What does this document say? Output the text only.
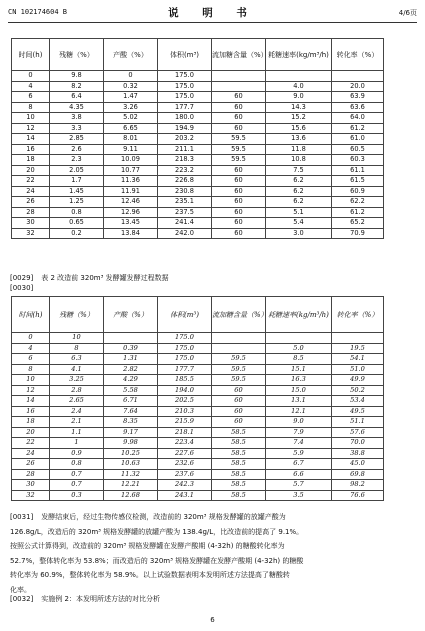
CN 102174604 B	说 明 书	4/6页
时间(h)	残糖（%）	产酸（%）	体积(m³)	流加糖含量（%）	耗糖速率(kg/m³/h)	转化率（%）
0	9.8	0	175.0			
4	8.2	0.32	175.0		4.0	20.0
6	6.4	1.47	175.0	60	9.0	63.9
8	4.35	3.26	177.7	60	14.3	63.6
10	3.8	5.02	180.0	60	15.2	64.0
12	3.3	6.65	194.9	60	15.6	61.2
14	2.85	8.01	203.2	59.5	13.6	61.0
16	2.6	9.11	211.1	59.5	11.8	60.5
18	2.3	10.09	218.3	59.5	10.8	60.3
20	2.05	10.77	223.2	60	7.5	61.1
22	1.7	11.36	226.8	60	6.2	61.5
24	1.45	11.91	230.8	60	6.2	60.9
26	1.25	12.46	235.1	60	6.2	62.2
28	0.8	12.96	237.5	60	5.1	61.2
30	0.65	13.45	241.4	60	5.4	65.2
32	0.2	13.84	242.0	60	3.0	70.9
[0029] 表 2 改造前 320m³ 发酵罐发酵过程数据
[0030]
时间(h)	残糖（%）	产酸（%）	体积(m³)	流加糖含量（%）	耗糖速率(kg/m³/h)	转化率（%）
0	10		175.0			
4	8	0.39	175.0		5.0	19.5
6	6.3	1.31	175.0	59.5	8.5	54.1
8	4.1	2.82	177.7	59.5	15.1	51.0
10	3.25	4.29	185.5	59.5	16.3	49.9
12	2.8	5.58	194.0	60	15.0	50.2
14	2.65	6.71	202.5	60	13.1	53.4
16	2.4	7.64	210.3	60	12.1	49.5
18	2.1	8.35	215.9	60	9.0	51.1
20	1.1	9.17	218.1	58.5	7.9	57.6
22	1	9.98	223.4	58.5	7.4	70.0
24	0.9	10.25	227.6	58.5	5.9	38.8
26	0.8	10.63	232.6	58.5	6.7	45.0
28	0.7	11.32	237.6	58.5	6.6	69.8
30	0.7	12.21	242.3	58.5	5.7	98.2
32	0.3	12.68	243.1	58.5	3.5	76.6
[0031] 发酵结束后，经过生物传感仪检测，改造前的 320m³ 规格发酵罐的放罐产酸为
126.8g/L，改造后的 320m³ 规格发酵罐的放罐产酸为 138.4g/L，比改造前的提高了 9.1%。
按照公式计算得到，改造前的 320m³ 规格发酵罐在发酵产酸期 (4-32h) 的糖酸转化率为
52.7%，整体转化率为 53.8%；而改造后的 320m³ 规格发酵罐在发酵产酸期 (4-32h) 的糖酸
转化率为 60.9%，整体转化率为 58.9%。以上试验数据表明本发明所述方法提高了糖酸转
化率。
[0032] 实施例 2：本发明所述方法的对比分析
6
